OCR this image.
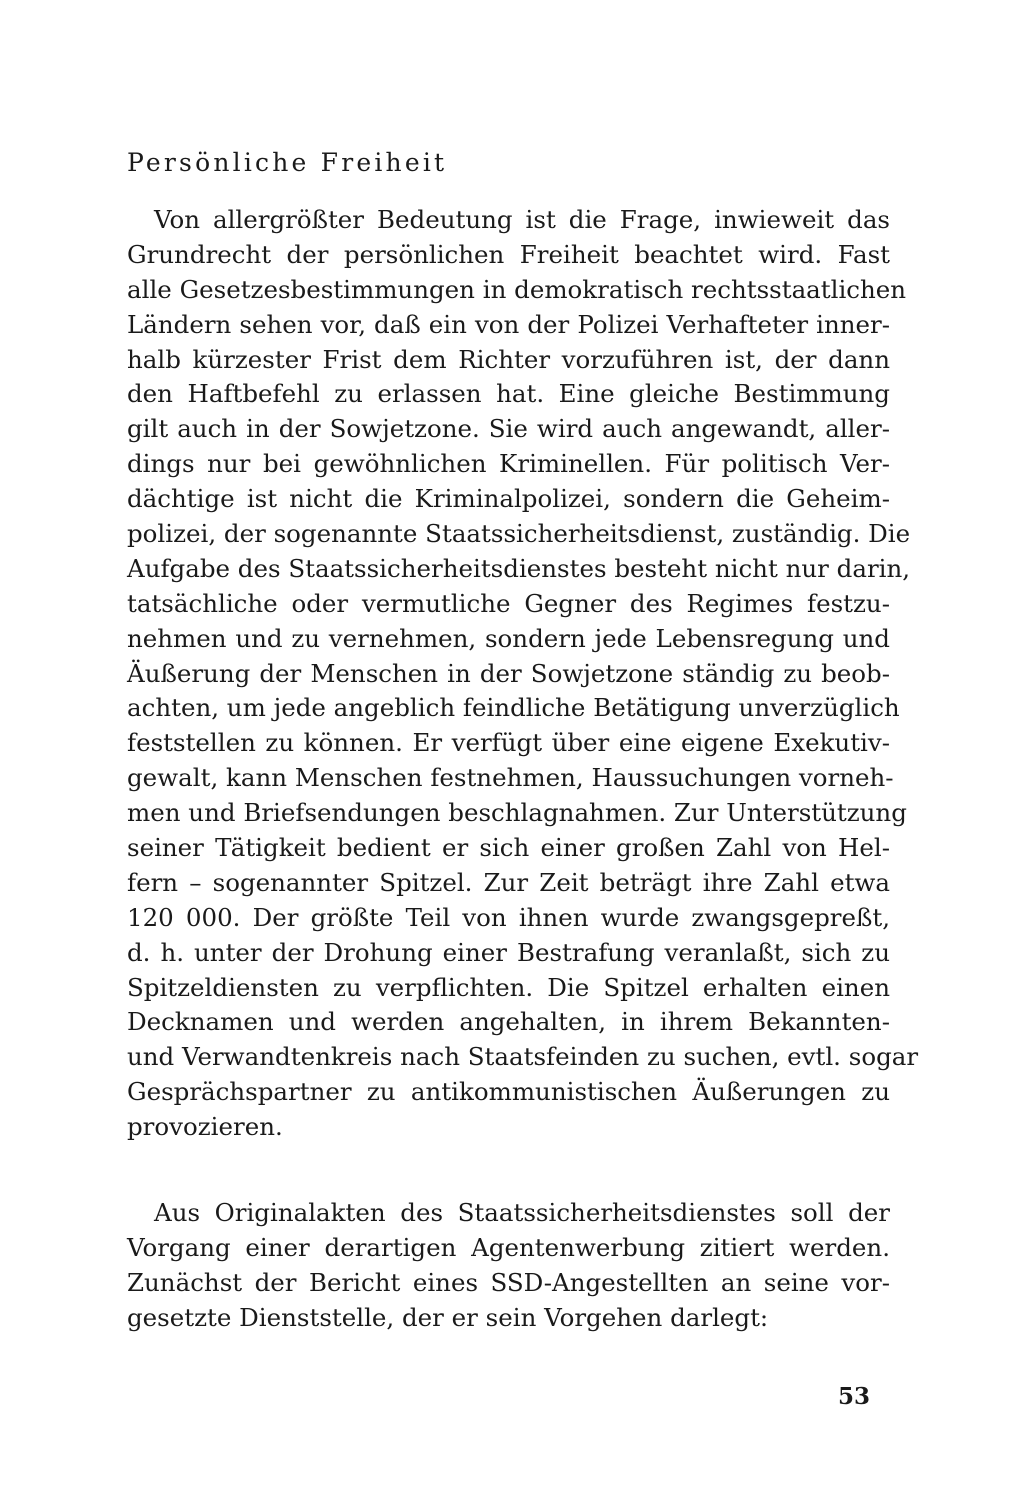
Persönliche Freiheit
Von allergrößter Bedeutung ist die Frage, inwieweit das
Grundrecht der persönlichen Freiheit beachtet wird. Fast
alle Gesetzesbestimmungen in demokratisch rechtsstaatlichen
Ländern sehen vor, daß ein von der Polizei Verhafteter inner-
halb kürzester Frist dem Richter vorzuführen ist, der dann
den Haftbefehl zu erlassen hat. Eine gleiche Bestimmung
gilt auch in der Sowjetzone. Sie wird auch angewandt, aller-
dings nur bei gewöhnlichen Kriminellen. Für politisch Ver-
dächtige ist nicht die Kriminalpolizei, sondern die Geheim-
polizei, der sogenannte Staatssicherheitsdienst, zuständig. Die
Aufgabe des Staatssicherheitsdienstes besteht nicht nur darin,
tatsächliche oder vermutliche Gegner des Regimes festzu-
nehmen und zu vernehmen, sondern jede Lebensregung und
Äußerung der Menschen in der Sowjetzone ständig zu beob-
achten, um jede angeblich feindliche Betätigung unverzüglich
feststellen zu können. Er verfügt über eine eigene Exekutiv-
gewalt, kann Menschen festnehmen, Haussuchungen vorneh-
men und Briefsendungen beschlagnahmen. Zur Unterstützung
seiner Tätigkeit bedient er sich einer großen Zahl von Hel-
fern – sogenannter Spitzel. Zur Zeit beträgt ihre Zahl etwa
120 000. Der größte Teil von ihnen wurde zwangsgepreßt,
d. h. unter der Drohung einer Bestrafung veranlaßt, sich zu
Spitzeldiensten zu verpflichten. Die Spitzel erhalten einen
Decknamen und werden angehalten, in ihrem Bekannten-
und Verwandtenkreis nach Staatsfeinden zu suchen, evtl. sogar
Gesprächspartner zu antikommunistischen Äußerungen zu
provozieren.
Aus Originalakten des Staatssicherheitsdienstes soll der
Vorgang einer derartigen Agentenwerbung zitiert werden.
Zunächst der Bericht eines SSD-Angestellten an seine vor-
gesetzte Dienststelle, der er sein Vorgehen darlegt:
53
